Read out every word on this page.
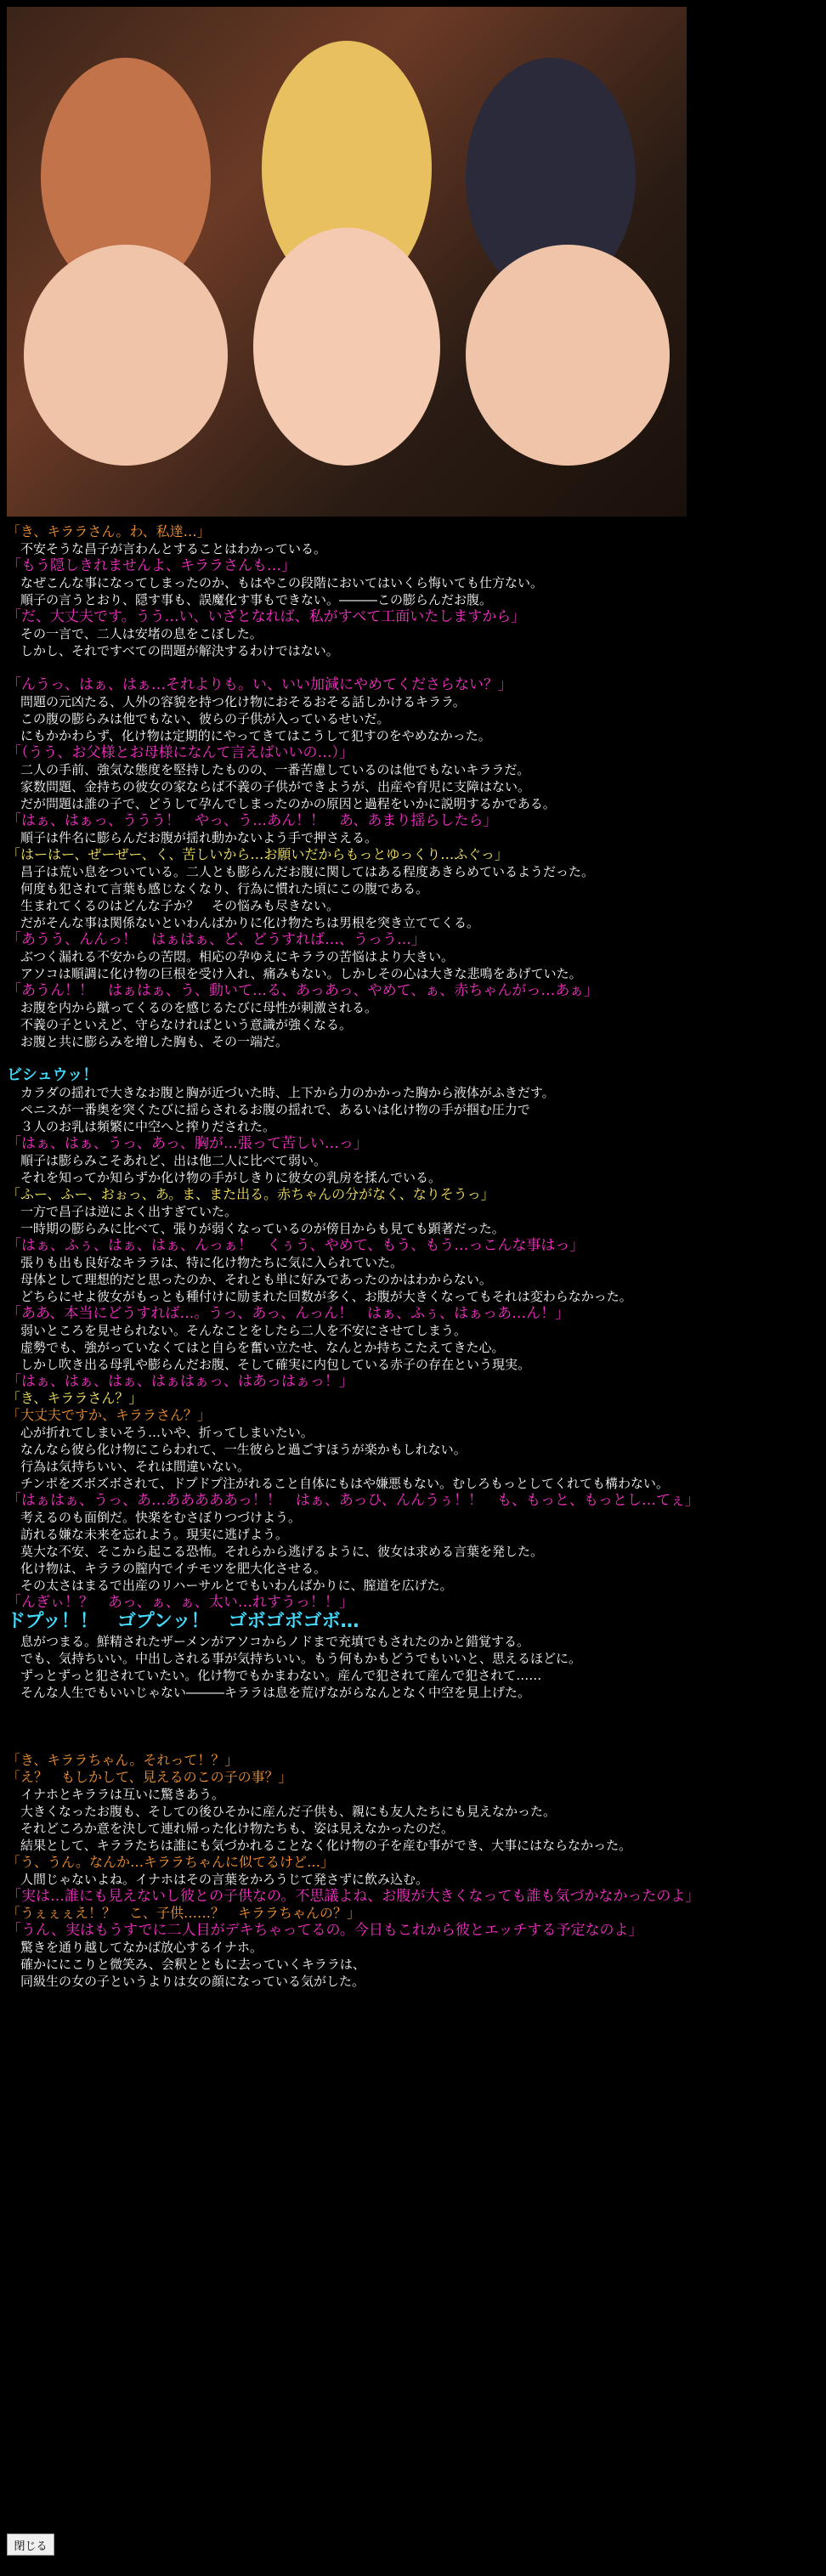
「き、キララさん。わ、私達…」
不安そうな昌子が言わんとすることはわかっている。
「もう隠しきれませんよ、キララさんも…」
なぜこんな事になってしまったのか、もはやこの段階においてはいくら悔いても仕方ない。
順子の言うとおり、隠す事も、誤魔化す事もできない。―――この膨らんだお腹。
「だ、大丈夫です。うう…い、いざとなれば、私がすべて工面いたしますから」
その一言で、二人は安堵の息をこぼした。
しかし、それですべての問題が解決するわけではない。
「んうっ、はぁ、はぁ…それよりも。い、いい加減にやめてくださらない？」
問題の元凶たる、人外の容貌を持つ化け物におそるおそる話しかけるキララ。
この腹の膨らみは他でもない、彼らの子供が入っているせいだ。
にもかかわらず、化け物は定期的にやってきてはこうして犯すのをやめなかった。
「（うう、お父様とお母様になんて言えばいいの…）」
二人の手前、強気な態度を堅持したものの、一番苦慮しているのは他でもないキララだ。
家数問題、金持ちの彼女の家ならば不義の子供ができようが、出産や育児に支障はない。
だが問題は誰の子で、どうして孕んでしまったのかの原因と過程をいかに説明するかである。
「はぁ、はぁっ、ううう！　やっ、う…あん！！　あ、あまり揺らしたら」
順子は件名に膨らんだお腹が揺れ動かないよう手で押さえる。
「はーはー、ぜーぜー、く、苦しいから…お願いだからもっとゆっくり…ふぐっ」
昌子は荒い息をついている。二人とも膨らんだお腹に関してはある程度あきらめているようだった。
何度も犯されて言葉も感じなくなり、行為に慣れた頃にこの腹である。
生まれてくるのはどんな子か？　その悩みも尽きない。
だがそんな事は関係ないといわんばかりに化け物たちは男根を突き立ててくる。
「あうう、んんっ！　はぁはぁ、ど、どうすれば…、うっう…」
ぶつく漏れる不安からの苦悶。相応の孕ゆえにキララの苦悩はより大きい。
アソコは順調に化け物の巨根を受け入れ、痛みもない。しかしその心は大きな悲鳴をあげていた。
「あうん！！　はぁはぁ、う、動いて…る、あっあっ、やめて、ぁ、赤ちゃんがっ…あぁ」
お腹を内から蹴ってくるのを感じるたびに母性が刺激される。
不義の子といえど、守らなければという意識が強くなる。
お腹と共に膨らみを増した胸も、その一端だ。
ビシュウッ！
カラダの揺れで大きなお腹と胸が近づいた時、上下から力のかかった胸から液体がふきだす。
ペニスが一番奥を突くたびに揺らされるお腹の揺れで、あるいは化け物の手が掴む圧力で
３人のお乳は頻繁に中空へと搾りだされた。
「はぁ、はぁ、うっ、あっ、胸が…張って苦しい…っ」
順子は膨らみこそあれど、出は他二人に比べて弱い。
それを知ってか知らずか化け物の手がしきりに彼女の乳房を揉んでいる。
「ふー、ふー、おぉっ、あ。ま、また出る。赤ちゃんの分がなく、なりそうっ」
一方で昌子は逆によく出すぎていた。
一時期の膨らみに比べて、張りが弱くなっているのが傍目からも見ても顕著だった。
「はぁ、ふぅ、はぁ、はぁ、んっぁ！　くぅう、やめて、もう、もう…っこんな事はっ」
張りも出も良好なキララは、特に化け物たちに気に入られていた。
母体として理想的だと思ったのか、それとも単に好みであったのかはわからない。
どちらにせよ彼女がもっとも種付けに励まれた回数が多く、お腹が大きくなってもそれは変わらなかった。
「ああ、本当にどうすれば…。うっ、あっ、んっん！　はぁ、ふぅ、はぁっあ…ん！」
弱いところを見せられない。そんなことをしたら二人を不安にさせてしまう。
虚勢でも、強がっていなくてはと自らを奮い立たせ、なんとか持ちこたえてきた心。
しかし吹き出る母乳や膨らんだお腹、そして確実に内包している赤子の存在という現実。
「はぁ、はぁ、はぁ、はぁはぁっ、はあっはぁっ！」
「き、キララさん？」
「大丈夫ですか、キララさん？」
心が折れてしまいそう…いや、折ってしまいたい。
なんなら彼ら化け物にこらわれて、一生彼らと過ごすほうが楽かもしれない。
行為は気持ちいい、それは間違いない。
チンポをズボズボされて、ドプドプ注がれること自体にもはや嫌悪もない。むしろもっとしてくれても構わない。
「はぁはぁ、うっ、あ…あああああっ！！　はぁ、あっひ、んんうぅ！！　も、もっと、もっとし…てぇ」
考えるのも面倒だ。快楽をむさぼりつづけよう。
訪れる嫌な未来を忘れよう。現実に逃げよう。
莫大な不安、そこから起こる恐怖。それらから逃げるように、彼女は求める言葉を発した。
化け物は、キララの膣内でイチモツを肥大化させる。
その太さはまるで出産のリハーサルとでもいわんばかりに、膣道を広げた。
「んぎぃ！？　あっ、ぁ、ぁ、太い…れすうっ！！」
ドプッ！！　ゴプンッ！　ゴボゴボゴボ…
息がつまる。鮮精されたザーメンがアソコからノドまで充填でもされたのかと錯覚する。
でも、気持ちいい。中出しされる事が気持ちいい。もう何もかもどうでもいいと、思えるほどに。
ずっとずっと犯されていたい。化け物でもかまわない。産んで犯されて産んで犯されて……
そんな人生でもいいじゃない―――キララは息を荒げながらなんとなく中空を見上げた。
「き、キララちゃん。それって！？」
「え？　もしかして、見えるのこの子の事？」
イナホとキララは互いに驚きあう。
大きくなったお腹も、そしての後ひそかに産んだ子供も、親にも友人たちにも見えなかった。
それどころか意を決して連れ帰った化け物たちも、姿は見えなかったのだ。
結果として、キララたちは誰にも気づかれることなく化け物の子を産む事ができ、大事にはならなかった。
「う、うん。なんか…キララちゃんに似てるけど…」
人間じゃないよね。イナホはその言葉をかろうじて発さずに飲み込む。
「実は…誰にも見えないし彼との子供なの。不思議よね、お腹が大きくなっても誰も気づかなかったのよ」
「うぇぇぇえ！？　こ、子供……？　キララちゃんの？」
「うん、実はもうすでに二人目がデキちゃってるの。今日もこれから彼とエッチする予定なのよ」
驚きを通り越してなかば放心するイナホ。
確かににこりと微笑み、会釈とともに去っていくキララは、
同級生の女の子というよりは女の顔になっている気がした。
閉じる
